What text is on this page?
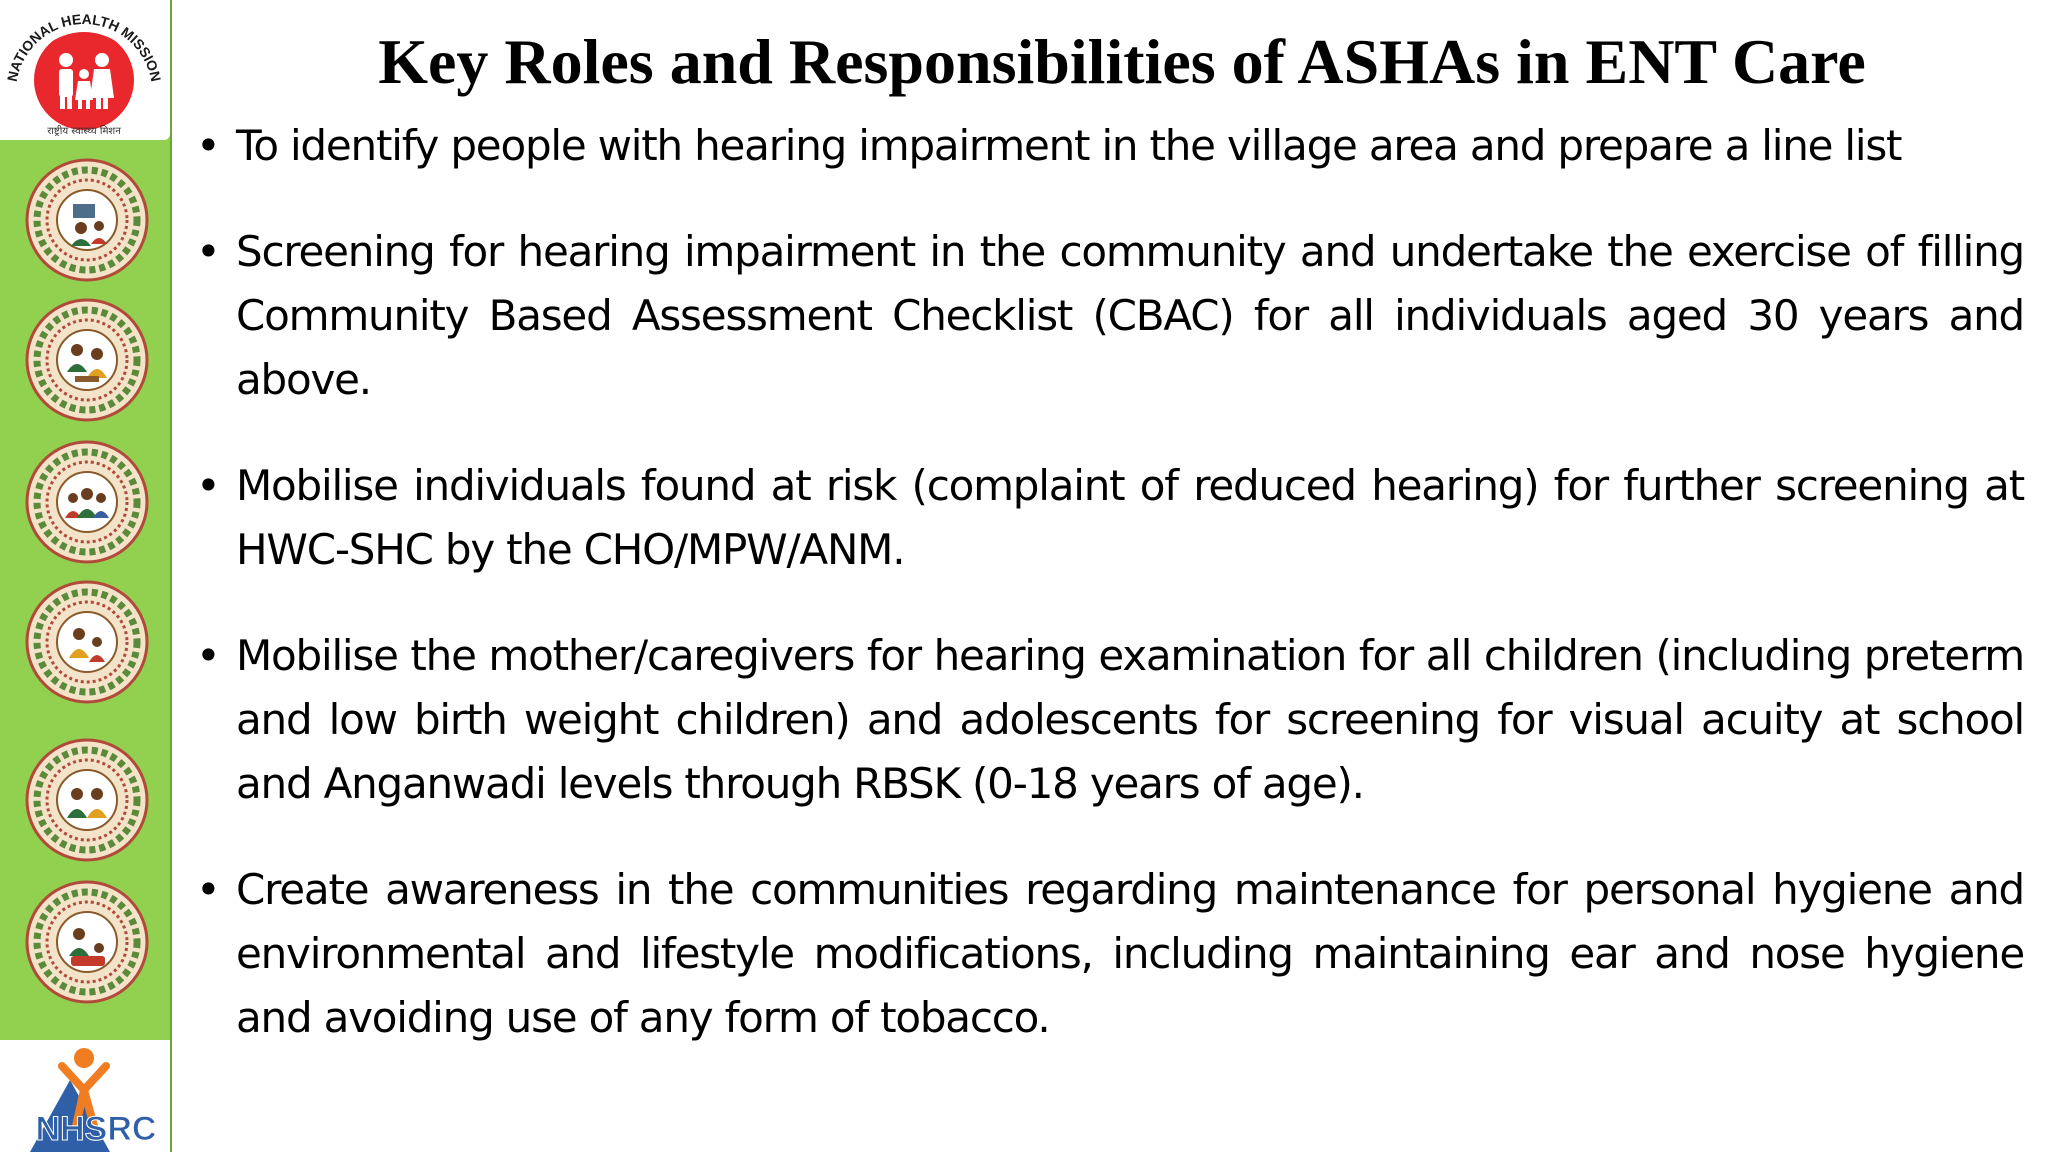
NATIONAL HEALTH MISSION
राष्ट्रीय स्वास्थ्य मिशन
NHSRC
Key Roles and Responsibilities of ASHAs in ENT Care
• To identify people with hearing impairment in the village area and prepare a line list
• Screening for hearing impairment in the community and undertake the exercise of filling Community Based Assessment Checklist (CBAC) for all individuals aged 30 years and above.
• Mobilise individuals found at risk (complaint of reduced hearing) for further screening at HWC-SHC by the CHO/MPW/ANM.
• Mobilise the mother/caregivers for hearing examination for all children (including preterm and low birth weight children) and adolescents for screening for visual acuity at school and Anganwadi levels through RBSK (0-18 years of age).
• Create awareness in the communities regarding maintenance for personal hygiene and environmental and lifestyle modifications, including maintaining ear and nose hygiene and avoiding use of any form of tobacco.
